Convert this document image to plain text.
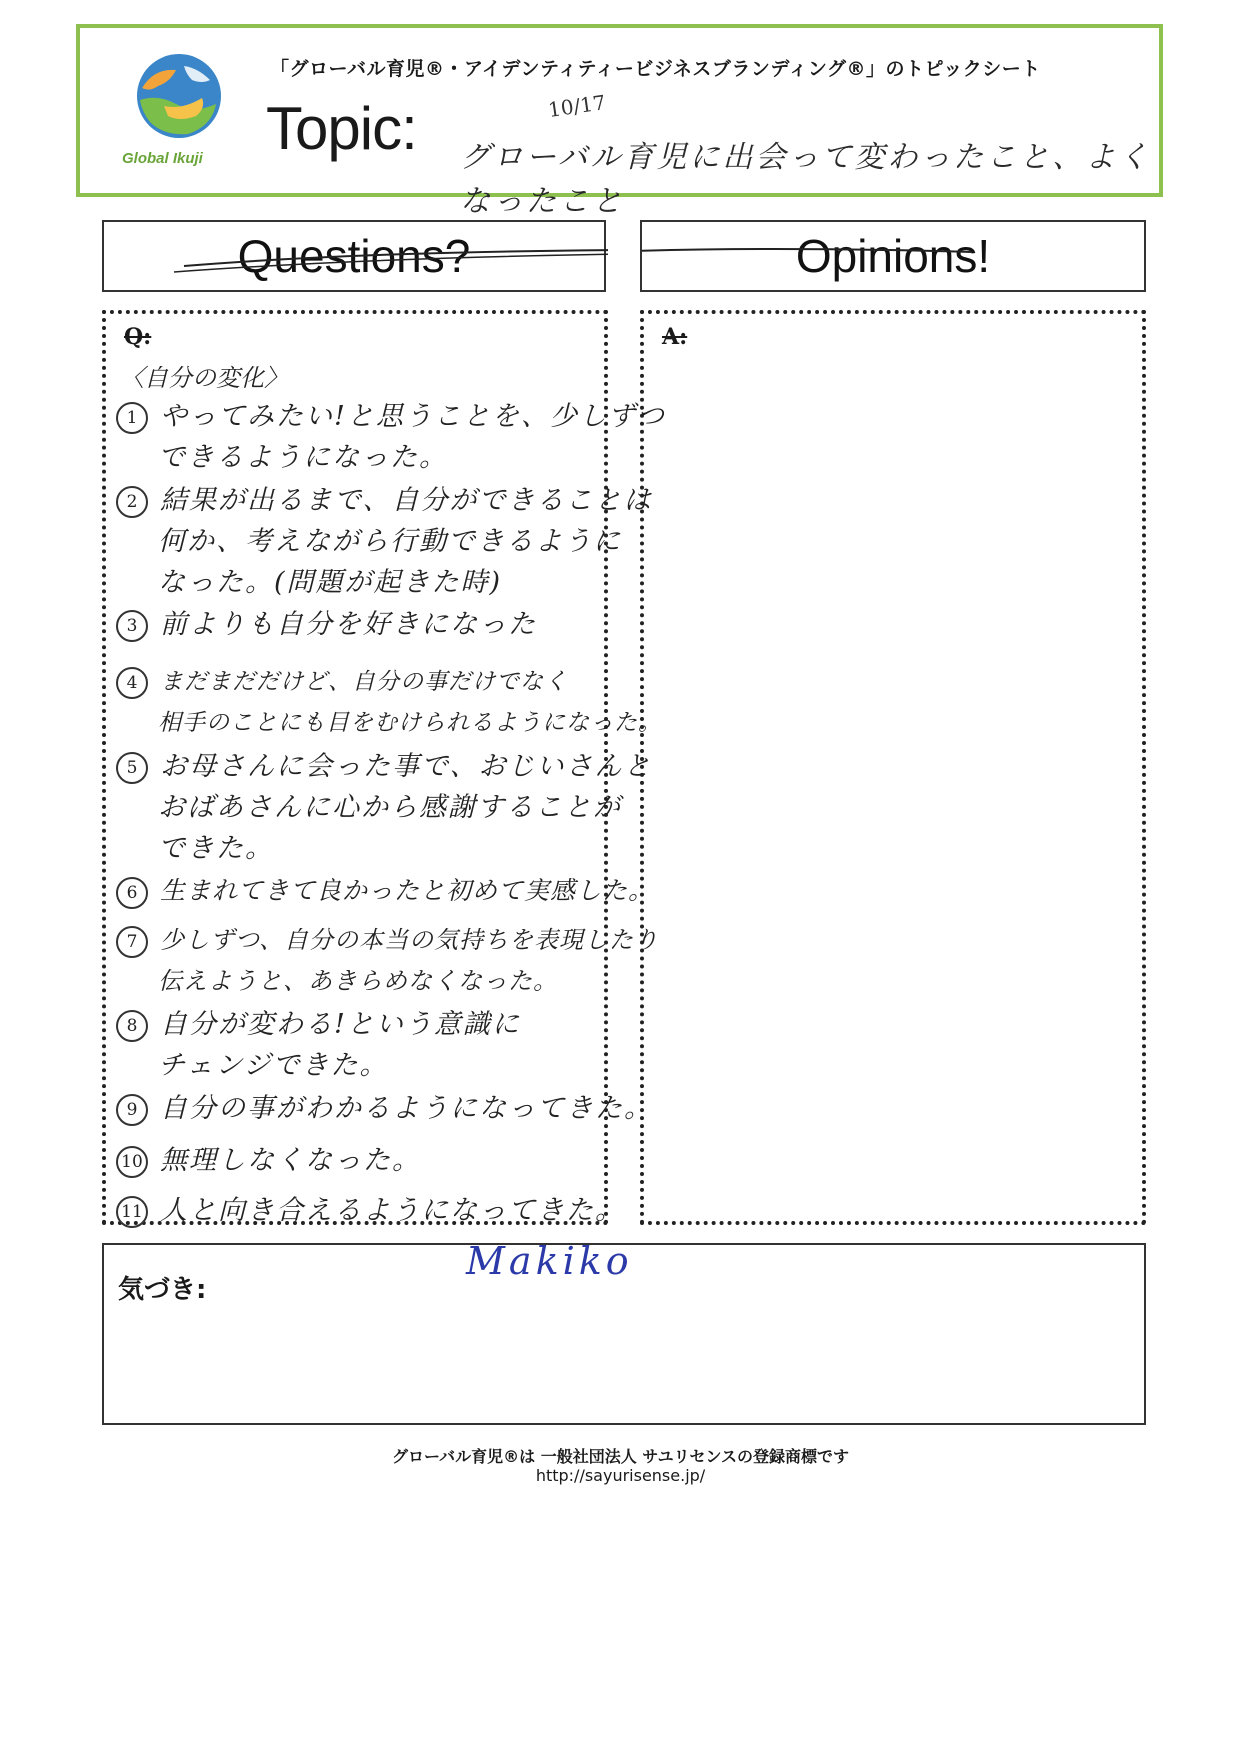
Global Ikuji
「グローバル育児®・アイデンティティービジネスブランディング®」のトピックシート
Topic:	10/17
グローバル育児に出会って変わったこと、よくなったこと
Questions?	Opinions!
Q:
〈自分の変化〉
1 やってみたい!と思うことを、少しずつ
できるようになった。
2 結果が出るまで、自分ができることは
何か、考えながら行動できるように
なった。(問題が起きた時)
3 前よりも自分を好きになった
4 まだまだだけど、自分の事だけでなく
相手のことにも目をむけられるようになった。
5 お母さんに会った事で、おじいさんと
おばあさんに心から感謝することが
できた。
6 生まれてきて良かったと初めて実感した。
7 少しずつ、自分の本当の気持ちを表現したり
伝えようと、あきらめなくなった。
8 自分が変わる!という意識に
チェンジできた。
9 自分の事がわかるようになってきた。
10 無理しなくなった。
11 人と向き合えるようになってきた。
A:
気づき:
Makiko
グローバル育児®は 一般社団法人 サユリセンスの登録商標です
http://sayurisense.jp/
